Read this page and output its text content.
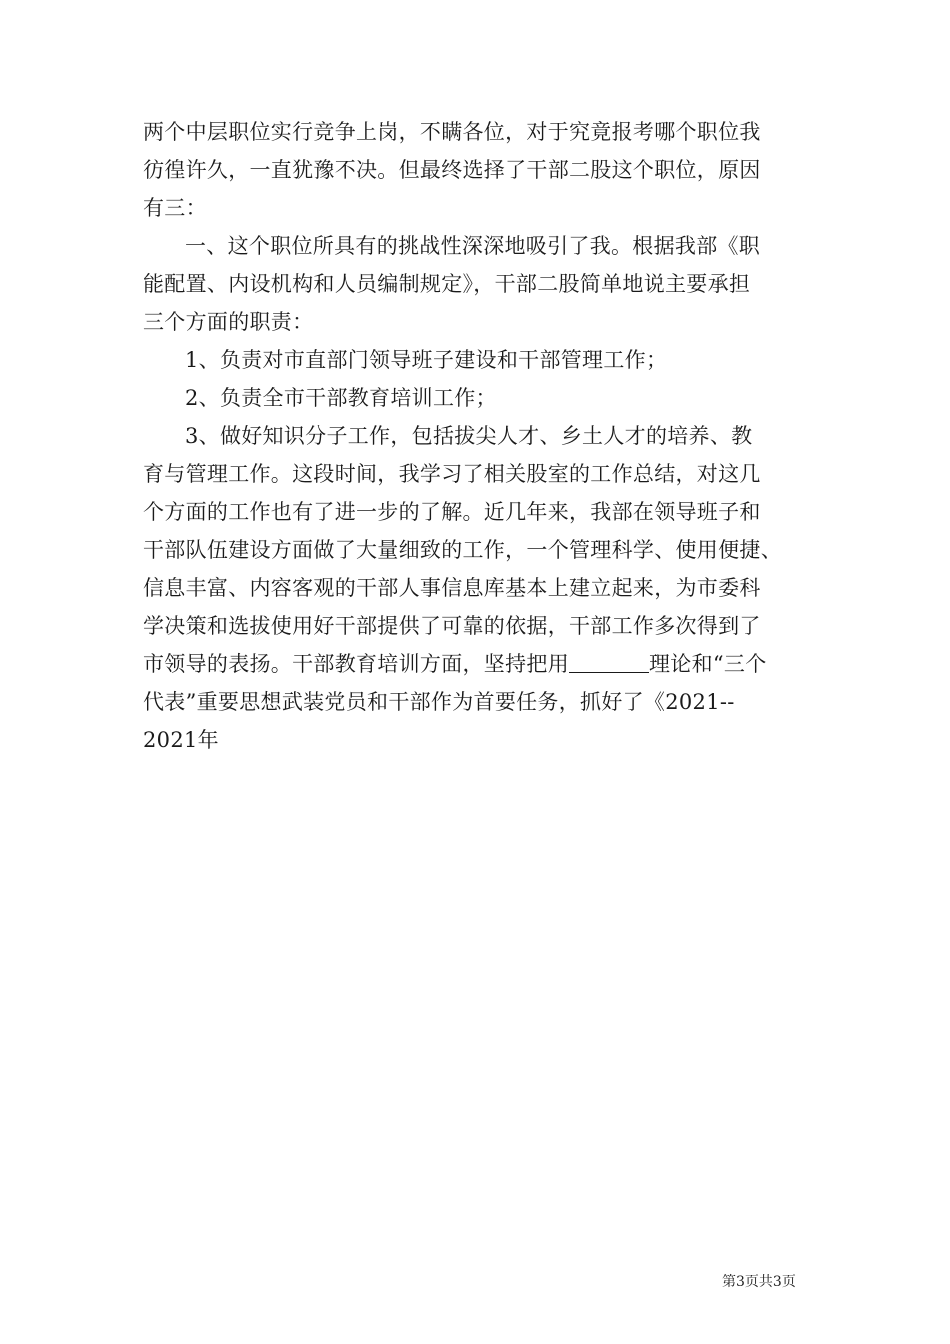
两个中层职位实行竞争上岗，不瞒各位，对于究竟报考哪个职位我
彷徨许久，一直犹豫不决。但最终选择了干部二股这个职位，原因
有三：
一、这个职位所具有的挑战性深深地吸引了我。根据我部《职
能配置、内设机构和人员编制规定》，干部二股简单地说主要承担
三个方面的职责：
1、负责对市直部门领导班子建设和干部管理工作；
2、负责全市干部教育培训工作；
3、做好知识分子工作，包括拔尖人才、乡土人才的培养、教
育与管理工作。这段时间，我学习了相关股室的工作总结，对这几
个方面的工作也有了进一步的了解。近几年来，我部在领导班子和
干部队伍建设方面做了大量细致的工作，一个管理科学、使用便捷、
信息丰富、内容客观的干部人事信息库基本上建立起来，为市委科
学决策和选拔使用好干部提供了可靠的依据，干部工作多次得到了
市领导的表扬。干部教育培训方面，坚持把用	理论和“三个
代表”重要思想武装党员和干部作为首要任务，抓好了《2021--
2021年
第3页共3页
